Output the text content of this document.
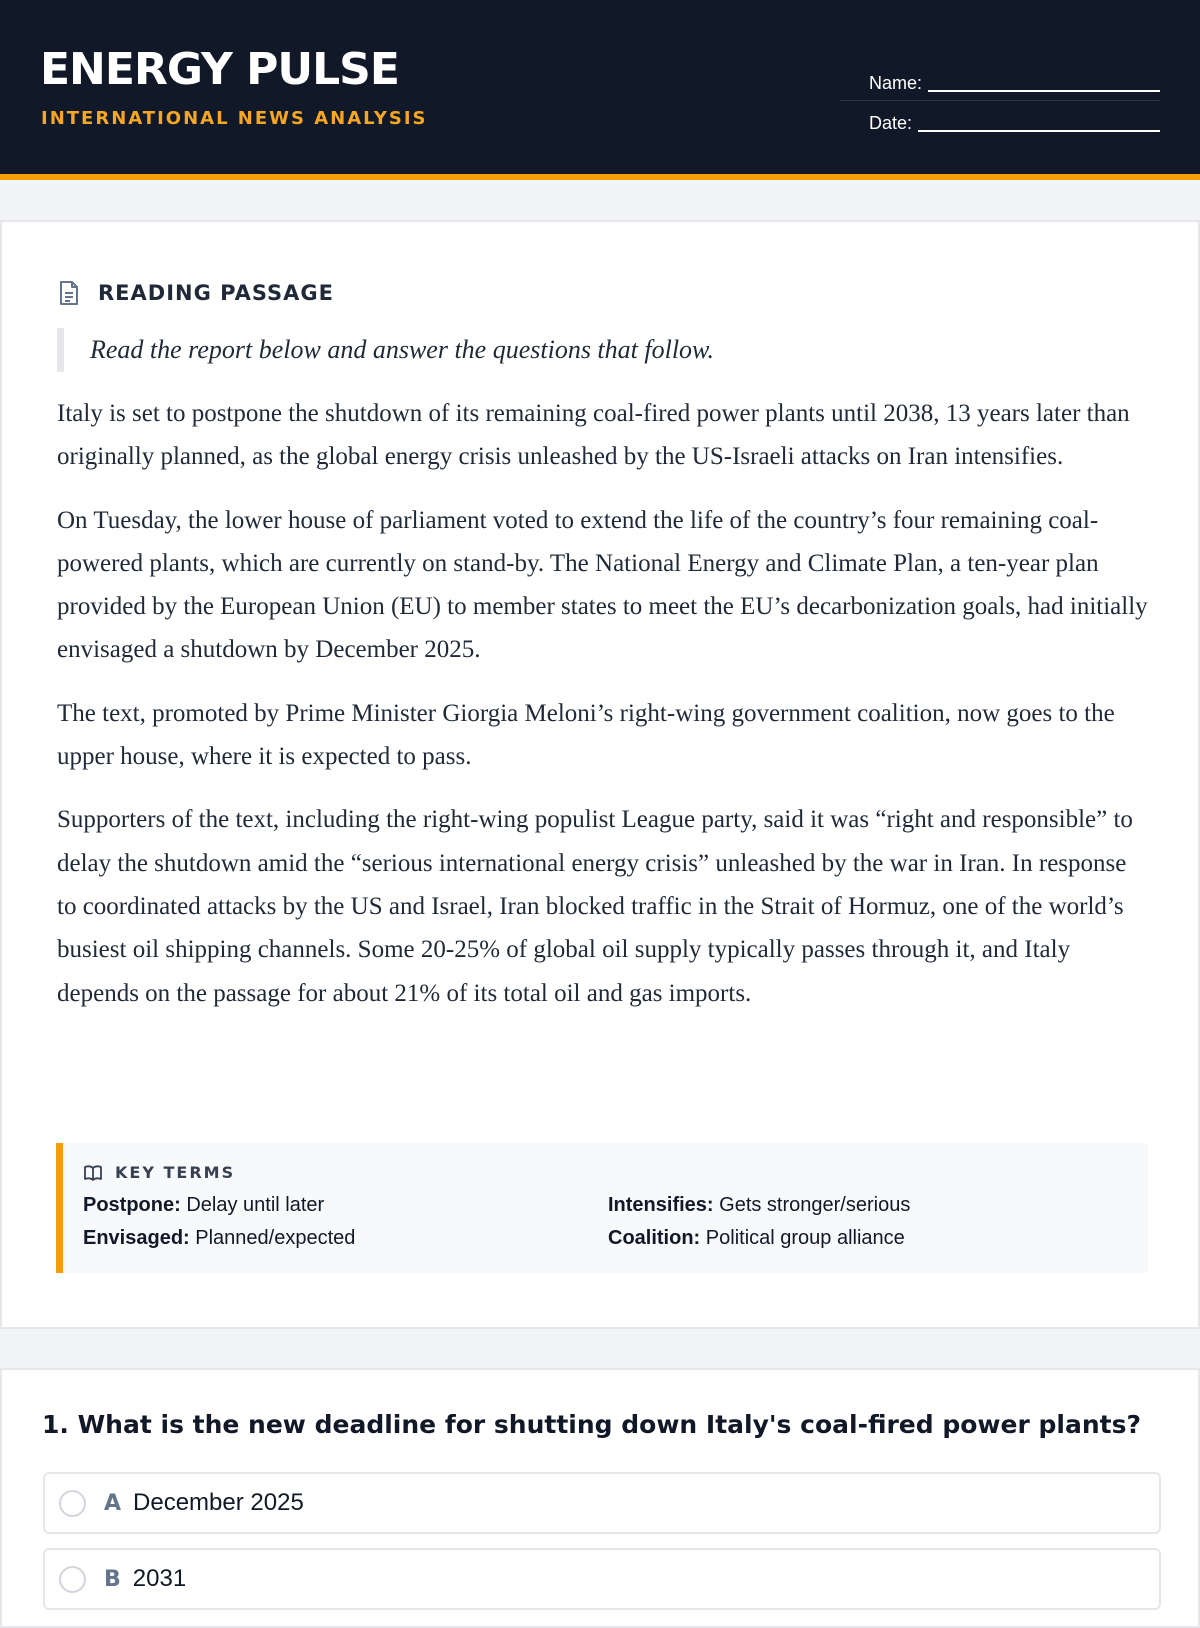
ENERGY PULSE
INTERNATIONAL NEWS ANALYSIS
Name:
Date:
READING PASSAGE
Read the report below and answer the questions that follow.

Italy is set to postpone the shutdown of its remaining coal-fired power plants until 2038, 13 years later than originally planned, as the global energy crisis unleashed by the US-Israeli attacks on Iran intensifies.

On Tuesday, the lower house of parliament voted to extend the life of the country’s four remaining coal-powered plants, which are currently on stand-by. The National Energy and Climate Plan, a ten-year plan provided by the European Union (EU) to member states to meet the EU’s decarbonization goals, had initially envisaged a shutdown by December 2025.

The text, promoted by Prime Minister Giorgia Meloni’s right-wing government coalition, now goes to the upper house, where it is expected to pass.

Supporters of the text, including the right-wing populist League party, said it was “right and responsible” to delay the shutdown amid the “serious international energy crisis” unleashed by the war in Iran. In response to coordinated attacks by the US and Israel, Iran blocked traffic in the Strait of Hormuz, one of the world’s busiest oil shipping channels. Some 20-25% of global oil supply typically passes through it, and Italy depends on the passage for about 21% of its total oil and gas imports.

KEY TERMS
Postpone: Delay until later	Intensifies: Gets stronger/serious
Envisaged: Planned/expected	Coalition: Political group alliance
1. What is the new deadline for shutting down Italy's coal-fired power plants?
A December 2025
B 2031
